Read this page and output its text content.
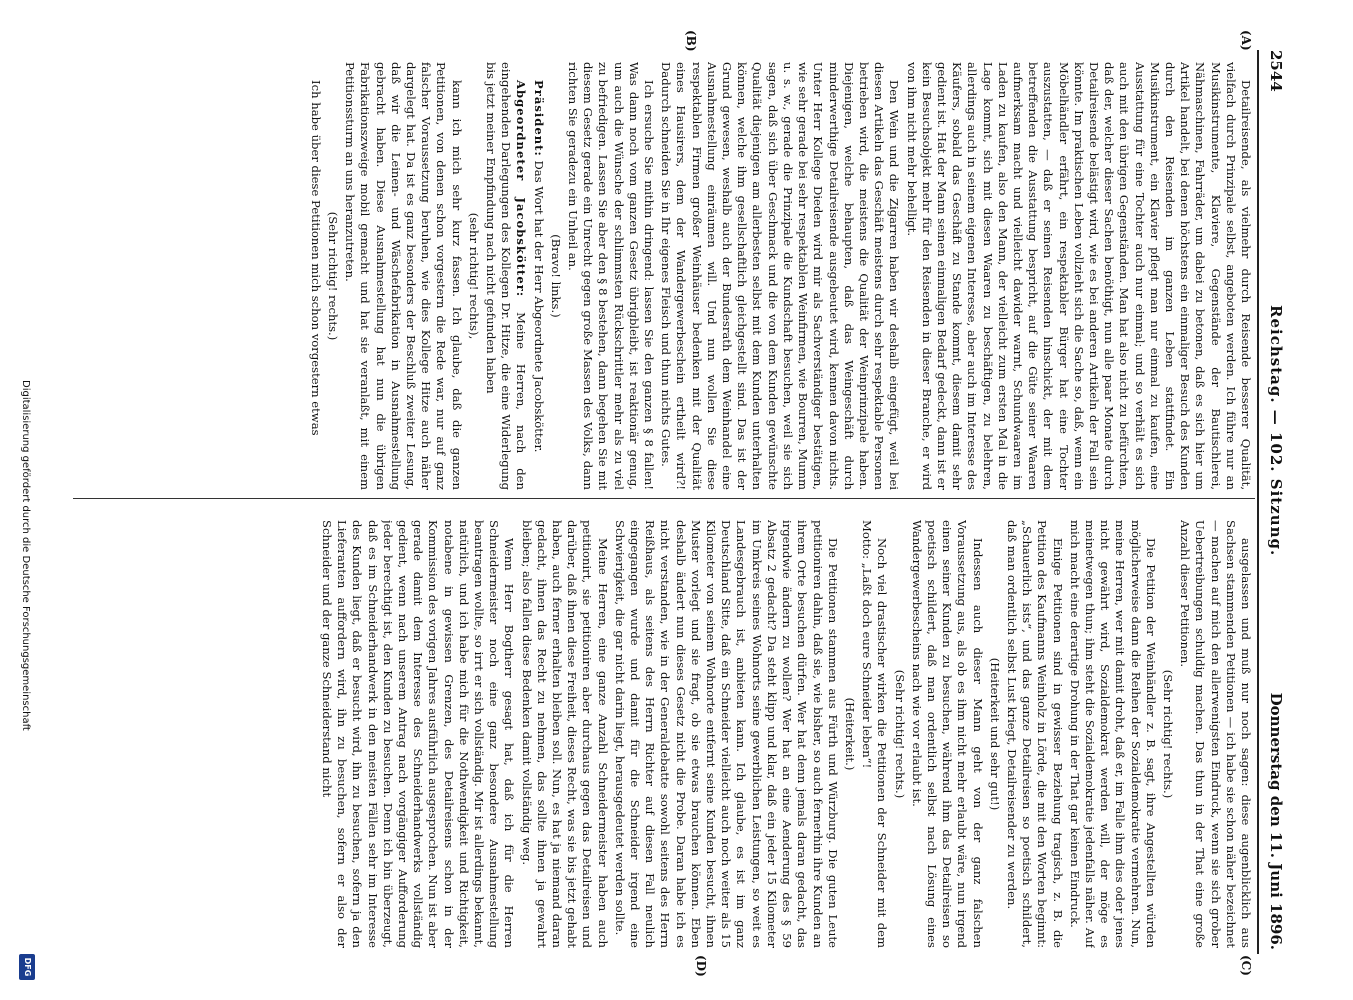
2544
Reichstag. — 102. Sitzung.
Donnerstag den 11. Juni 1896.
(A)
(B)
(C)
(D)

Detailreisende, als vielmehr durch Reisende besserer Qualität, vielfach durch Prinzipale selbst, angeboten werden. Ich führe nur an Musikinstrumente, Klaviere, Gegenstände der Bautischlerei, Nähmaschinen, Fahrräder, um dabei zu betonen, daß es sich hier um Artikel handelt, bei denen höchstens ein einmaliger Besuch des Kunden durch den Reisenden im ganzen Leben stattfindet. Ein Musikinstrument, ein Klavier pflegt man nur einmal zu kaufen, eine Ausstattung für eine Tochter auch nur einmal; und so verhält es sich auch mit den übrigen Gegenständen. Man hat also nicht zu befürchten, daß der, welcher dieser Sachen benöthigt, nun alle paar Monate durch Detailreisende belästigt wird, wie es bei anderen Artikeln der Fall sein könnte. Im praktischen Leben vollzieht sich die Sache so, daß, wenn ein Möbelhändler erfährt, ein respektabler Bürger hat eine Tochter auszustatten, — daß er seinen Reisenden hinschickt, der mit dem betreffenden die Ausstattung bespricht, auf die Güte seiner Waaren aufmerksam macht und vielleicht dawider warnt, Schundwaaren im Laden zu kaufen, also den Mann, der vielleicht zum ersten Mal in die Lage kommt, sich mit diesen Waaren zu beschäftigen, zu belehren, allerdings auch in seinem eigenen Interesse, aber auch im Interesse des Käufers, sobald das Geschäft zu Stande kommt, diesem damit sehr gedient ist. Hat der Mann seinen einmaligen Bedarf gedeckt, dann ist er kein Besuchsobjekt mehr für den Reisenden in dieser Branche, er wird von ihm nicht mehr behelligt.

Den Wein und die Zigarren haben wir deshalb eingefügt, weil bei diesen Artikeln das Geschäft meistens durch sehr respektable Personen betrieben wird, die meistens die Qualität der Weinprinzipale haben. Diejenigen, welche behaupten, daß das Weingeschäft durch minderwerthige Detailreisende ausgebeutet wird, kennen davon nichts. Unter Herr Kollege Dieden wird mir als Sachverständiger bestätigen, wie sehr gerade bei sehr respektablen Weinfirmen, wie Bourren, Mumm u. s. w., gerade die Prinzipale die Kundschaft besuchen, weil sie sich sagen, daß sich über Geschmack und die von dem Kunden gewünschte Qualität diejenigen am allerbesten selbst mit dem Kunden unterhalten können, welche ihm gesellschaftlich gleichgestellt sind. Das ist der Grund gewesen, weshalb auch der Bundesrath dem Weinhandel eine Ausnahmestellung einräumen will. Und nun wollen Sie diese respektablen Firmen großer Weinhäuser bedenken mit der Qualität eines Hausirers, dem der Wandergewerbeschein ertheilt wird?! Dadurch schneiden Sie in Ihr eigenes Fleisch und thun nichts Gutes.

Ich ersuche Sie mithin dringend: lassen Sie den ganzen § 8 fallen! Was dann noch vom ganzen Gesetz übrigbleibt, ist reaktionär genug, um auch die Wünsche der schlimmsten Rückschrittler mehr als zu viel zu befriedigen. Lassen Sie aber den § 8 bestehen, dann begehen Sie mit diesem Gesetz gerade ein Unrecht gegen große Massen des Volks, dann richten Sie geradezu ein Unheil an.

(Bravo! links.)

Präsident: Das Wort hat der Herr Abgeordnete Jacobskötter.

Abgeordneter Jacobskötter: Meine Herren, nach den eingehenden Darlegungen des Kollegen Dr. Hitze, die eine Widerlegung bis jetzt meiner Empfindung nach nicht gefunden haben

(sehr richtig! rechts),

kann ich mich sehr kurz fassen. Ich glaube, daß die ganzen Petitionen, von denen schon vorgestern die Rede war, nur auf ganz falscher Voraussetzung beruhen, wie dies Kollege Hitze auch näher dargelegt hat. Da ist es ganz besonders der Beschluß zweiter Lesung, daß wir die Leinen- und Wäschefabrikation in Ausnahmestellung gebracht haben. Diese Ausnahmestellung hat nun die übrigen Fabrikationszweige mobil gemacht und hat sie veranlaßt, mit einem Petitionssturm an uns heranzutreten.

(Sehr richtig! rechts.)

Ich habe über diese Petitionen mich schon vorgestern etwas

ausgelassen und muß nur noch sagen: diese augenblicklich aus Sachsen stammenden Petitionen — ich habe sie schon näher bezeichnet — machen auf mich den allerwenigsten Eindruck, wenn sie sich grober Uebertreibungen schuldig machen. Das thun in der That eine große Anzahl dieser Petitionen.

(Sehr richtig! rechts.)

Die Petition der Weinhändler z. B. sagt, ihre Angestellten würden möglicherweise dann die Reihen der Sozialdemokratie vermehren. Nun, meine Herren, wer mit damit droht, daß er, im Falle ihm dies oder jenes nicht gewährt wird, Sozialdemokrat werden will, der möge es meinetwegen thun; ihm steht die Sozialdemokratie jedenfalls näher. Auf mich macht eine derartige Drohung in der That gar keinen Eindruck.

Einige Petitionen sind in gewisser Beziehung tragisch, z. B. die Petition des Kaufmanns Weinholz in Lörde, die mit den Worten beginnt: „Schauerlich ists“, und das ganze Detailreisen so poetisch schildert, daß man ordentlich selbst Lust kriegt, Detailreisender zu werden.

(Heiterkeit und sehr gut!)

Indessen auch dieser Mann geht von der ganz falschen Voraussetzung aus, als ob es ihm nicht mehr erlaubt wäre, nun irgend einen seiner Kunden zu besuchen, während ihm das Detailreisen so poetisch schildert, daß man ordentlich selbst nach Lösung eines Wandergewerbescheins nach wie vor erlaubt ist.

(Sehr richtig! rechts.)

Noch viel drastischer wirken die Petitionen der Schneider mit dem Motto: „Laßt doch eure Schneider leben“!

(Heiterkeit.)

Die Petitionen stammen aus Fürth und Würzburg. Die guten Leute petitioniren dahin, daß sie, wie bisher, so auch fernerhin ihre Kunden an ihrem Orte besuchen dürfen. Wer hat denn jemals daran gedacht, das irgendwie ändern zu wollen? Wer hat an eine Aenderung des § 59 Absatz 2 gedacht? Da steht klipp und klar, daß ein jeder 15 Kilometer im Umkreis seines Wohnorts seine gewerblichen Leistungen, so weit es Landesgebrauch ist, anbieten kann. Ich glaube, es ist im ganz Deutschland Sitte, daß ein Schneider vielleicht auch noch weiter als 15 Kilometer von seinem Wohnorte entfernt seine Kunden besucht, ihnen Muster vorlegt und sie fragt, ob sie etwas brauchen können. Eben deshalb ändert nun dieses Gesetz nicht die Probe. Daran habe ich es nicht verstanden, wie in der Generaldebatte sowohl seitens des Herrn Reißhaus, als seitens des Herrn Richter auf diesen Fall neulich eingegangen wurde und damit für die Schneider irgend eine Schwierigkeit, die gar nicht darin liegt, herausgedeutet werden sollte.

Meine Herren, eine ganze Anzahl Schneidermeister haben auch petitionirt, sie petitioniren aber durchaus gegen das Detailreisen und darüber, daß ihnen diese Freiheit, dieses Recht, was sie bis jetzt gehabt haben, auch ferner erhalten bleiben soll. Nun, es hat ja niemand daran gedacht, ihnen das Recht zu nehmen, das sollte ihnen ja gewahrt bleiben; also fallen diese Bedenken damit vollständig weg.

Wenn Herr Bogtherr gesagt hat, daß ich für die Herren Schneidermeister noch eine ganz besondere Ausnahmestellung beantragen wollte, so irrt er sich vollständig. Mir ist allerdings bekannt, natürlich, und ich habe mich für die Nothwendigkeit und Richtigkeit, notabene in gewissen Grenzen, des Detailreisens schon in der Kommission des vorigen Jahres ausführlich ausgesprochen. Nun ist aber gerade damit dem Interesse des Schneiderhandwerks vollständig gedient, wenn nach unserem Antrag nach vorgängiger Aufforderung jeder berechtigt ist, den Kunden zu besuchen. Denn ich bin überzeugt, daß es im Schneiderhandwerk in den meisten Fällen sehr im Interesse des Kunden liegt, daß er besucht wird, ihn zu besuchen, sofern ja den Lieferanten auffordern wird, ihn zu besuchen, sofern er also der Schneider und der ganze Schneiderstand nicht

Digitalisierung gefördert durch die Deutsche Forschungsgemeinschaft
DFG
